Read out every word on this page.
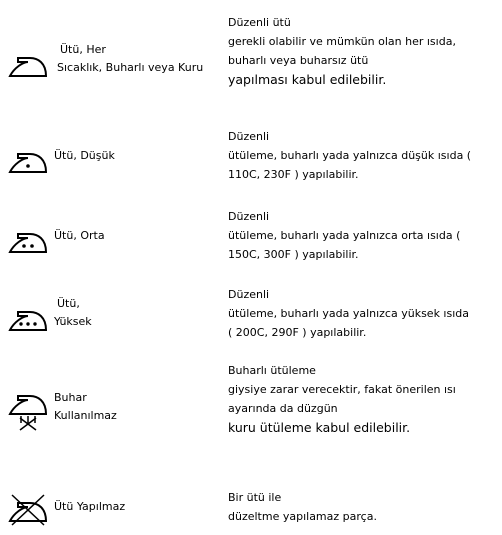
Ütü, Her
Sıcaklık, Buharlı veya Kuru
Düzenli ütü
gerekli olabilir ve mümkün olan her ısıda,
buharlı veya buharsız ütü
yapılması kabul edilebilir.
Ütü, Düşük
Düzenli
ütüleme, buharlı yada yalnızca düşük ısıda (
110C, 230F ) yapılabilir.
Ütü, Orta
Düzenli
ütüleme, buharlı yada yalnızca orta ısıda (
150C, 300F ) yapılabilir.
Ütü,
Yüksek
Düzenli
ütüleme, buharlı yada yalnızca yüksek ısıda
( 200C, 290F ) yapılabilir.
Buhar
Kullanılmaz
Buharlı ütüleme
giysiye zarar verecektir, fakat önerilen ısı
ayarında da düzgün
kuru ütüleme kabul edilebilir.
Ütü Yapılmaz
Bir ütü ile
düzeltme yapılamaz parça.
